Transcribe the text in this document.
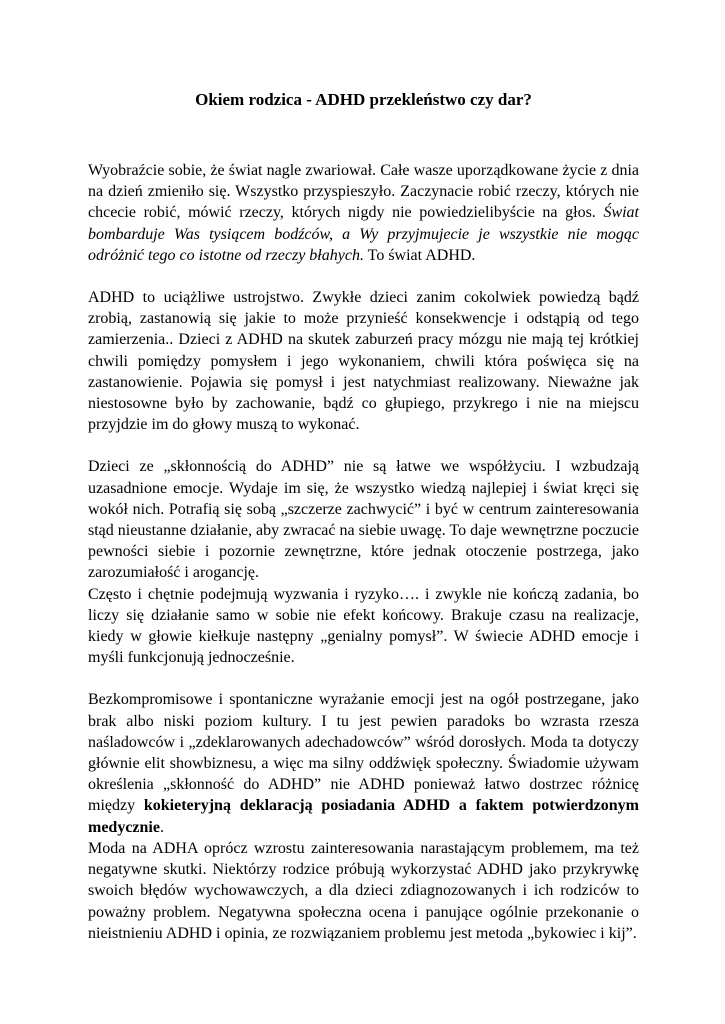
Okiem rodzica - ADHD przekleństwo czy dar?

Wyobraźcie sobie, że świat nagle zwariował. Całe wasze uporządkowane życie z dnia na dzień zmieniło się. Wszystko przyspieszyło. Zaczynacie robić rzeczy, których nie chcecie robić, mówić rzeczy, których nigdy nie powiedzielibyście na głos. Świat bombarduje Was tysiącem bodźców, a Wy przyjmujecie je wszystkie nie mogąc odróżnić tego co istotne od rzeczy błahych. To świat ADHD.

ADHD to uciążliwe ustrojstwo. Zwykłe dzieci zanim cokolwiek powiedzą bądź zrobią, zastanowią się jakie to może przynieść konsekwencje i odstąpią od tego zamierzenia.. Dzieci z ADHD na skutek zaburzeń pracy mózgu nie mają tej krótkiej chwili pomiędzy pomysłem i jego wykonaniem, chwili która poświęca się na zastanowienie. Pojawia się pomysł i jest natychmiast realizowany. Nieważne jak niestosowne było by zachowanie, bądź co głupiego, przykrego i nie na miejscu przyjdzie im do głowy muszą to wykonać.

Dzieci ze „skłonnością do ADHD” nie są łatwe we współżyciu. I wzbudzają uzasadnione emocje. Wydaje im się, że wszystko wiedzą najlepiej i świat kręci się wokół nich. Potrafią się sobą „szczerze zachwycić” i być w centrum zainteresowania stąd nieustanne działanie, aby zwracać na siebie uwagę. To daje wewnętrzne poczucie pewności siebie i pozornie zewnętrzne, które jednak otoczenie postrzega, jako zarozumiałość i arogancję.

Często i chętnie podejmują wyzwania i ryzyko…. i zwykle nie kończą zadania, bo liczy się działanie samo w sobie nie efekt końcowy. Brakuje czasu na realizacje, kiedy w głowie kiełkuje następny „genialny pomysł”. W świecie ADHD emocje i myśli funkcjonują jednocześnie.

Bezkompromisowe i spontaniczne wyrażanie emocji jest na ogół postrzegane, jako brak albo niski poziom kultury. I tu jest pewien paradoks bo wzrasta rzesza naśladowców i „zdeklarowanych adechadowców” wśród dorosłych. Moda ta dotyczy głównie elit showbiznesu, a więc ma silny oddźwięk społeczny. Świadomie używam określenia „skłonność do ADHD” nie ADHD ponieważ łatwo dostrzec różnicę między kokieteryjną deklaracją posiadania ADHD a faktem potwierdzonym medycznie.

Moda na ADHA oprócz wzrostu zainteresowania narastającym problemem, ma też negatywne skutki. Niektórzy rodzice próbują wykorzystać ADHD jako przykrywkę swoich błędów wychowawczych, a dla dzieci zdiagnozowanych i ich rodziców to poważny problem. Negatywna społeczna ocena i panujące ogólnie przekonanie o nieistnieniu ADHD i opinia, ze rozwiązaniem problemu jest metoda „bykowiec i kij”.
